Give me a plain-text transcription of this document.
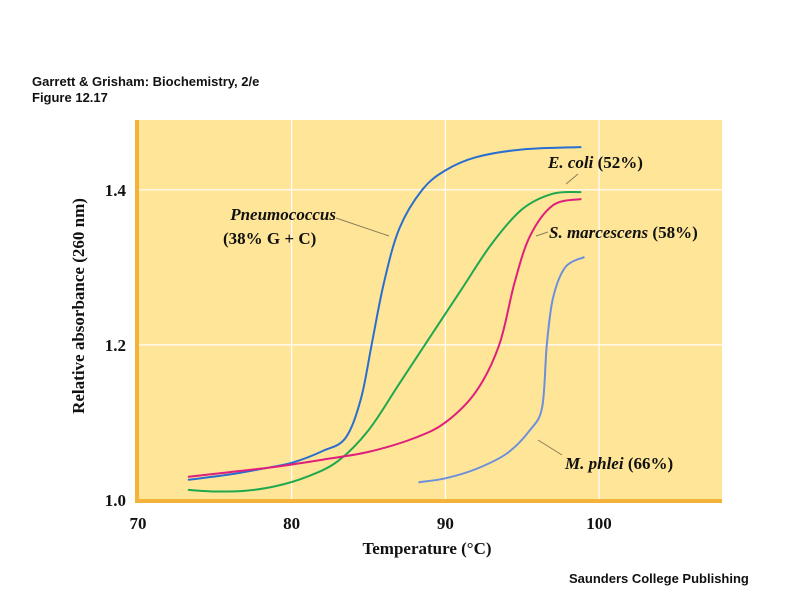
Garrett & Grisham: Biochemistry, 2/e
Figure 12.17
70	80	90	100
1.0
1.2
1.4
Pneumococcus
(38% G + C)
E. coli (52%)
S. marcescens (58%)
M. phlei (66%)
Temperature (°C)
Relative absorbance (260 nm)
Saunders College Publishing
